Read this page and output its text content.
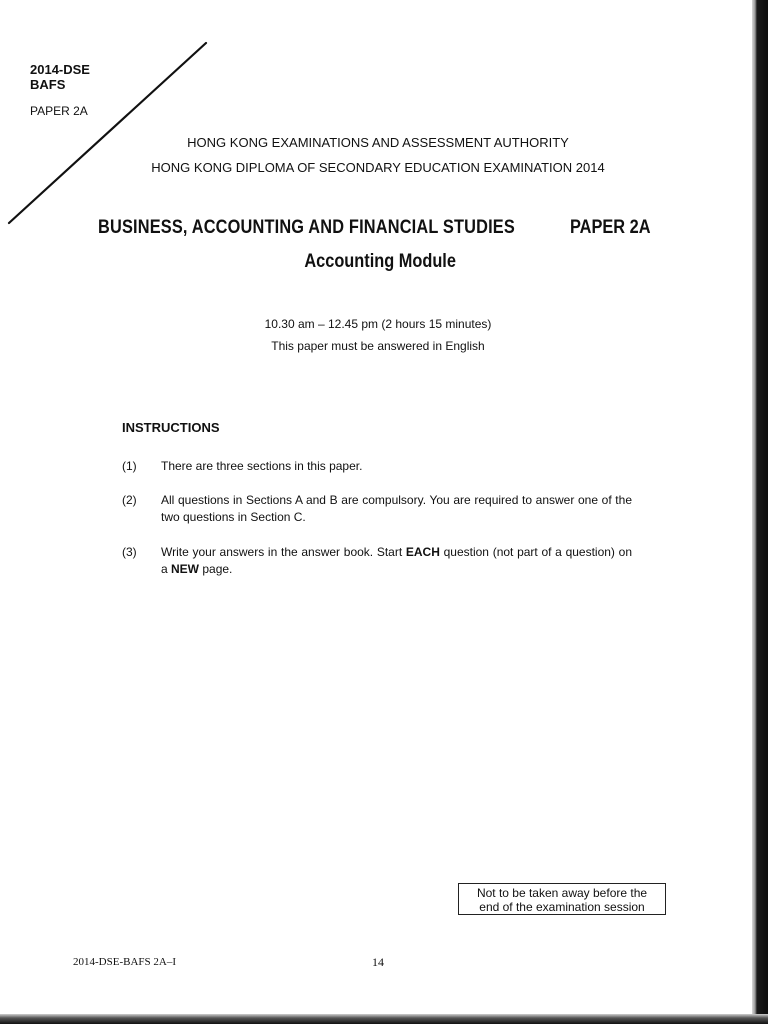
2014-DSE
BAFS
PAPER 2A
HONG KONG EXAMINATIONS AND ASSESSMENT AUTHORITY
HONG KONG DIPLOMA OF SECONDARY EDUCATION EXAMINATION 2014
BUSINESS, ACCOUNTING AND FINANCIAL STUDIES	PAPER 2A
Accounting Module
10.30 am – 12.45 pm (2 hours 15 minutes)
This paper must be answered in English
INSTRUCTIONS
(1)	There are three sections in this paper.
(2)	All questions in Sections A and B are compulsory. You are required to answer one of the two questions in Section C.
(3)	Write your answers in the answer book. Start EACH question (not part of a question) on a NEW page.
Not to be taken away before the
end of the examination session
2014-DSE-BAFS 2A–I	14
